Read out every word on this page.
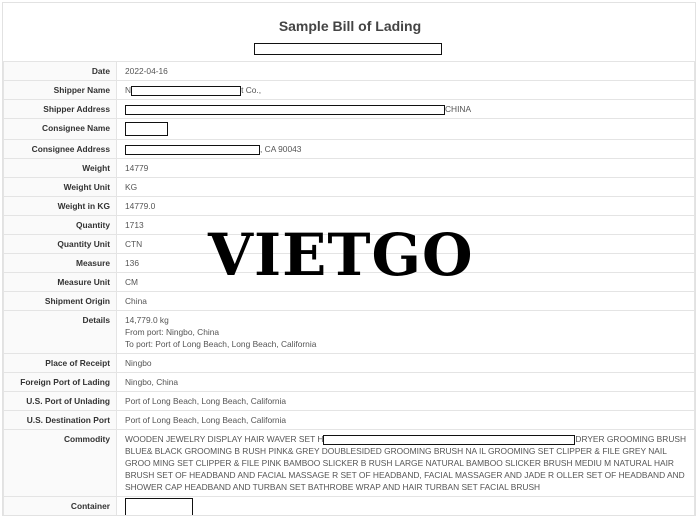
Sample Bill of Lading
Date	2022-04-16

Shipper Name	N t Co.,

Shipper Address	CHINA

Consignee Name	

Consignee Address	, CA 90043

Weight	14779

Weight Unit	KG

Weight in KG	14779.0

Quantity	1713

Quantity Unit	CTN

Measure	136

Measure Unit	CM

Shipment Origin	China

Details	14,779.0 kg
From port: Ningbo, China
To port: Port of Long Beach, Long Beach, California

Place of Receipt	Ningbo

Foreign Port of Lading	Ningbo, China

U.S. Port of Unlading	Port of Long Beach, Long Beach, California

U.S. Destination Port	Port of Long Beach, Long Beach, California

Commodity	WOODEN JEWELRY DISPLAY HAIR WAVER SET H DRYER GROOMING BRUSH BLUE& BLACK GROOMING B RUSH PINK& GREY DOUBLESIDED GROOMING BRUSH NA IL GROOMING SET CLIPPER & FILE GREY NAIL GROO MING SET CLIPPER & FILE PINK BAMBOO SLICKER B RUSH LARGE NATURAL BAMBOO SLICKER BRUSH MEDIU M NATURAL HAIR BRUSH SET OF HEADBAND AND FACIAL MASSAGE R SET OF HEADBAND, FACIAL MASSAGER AND JADE R OLLER SET OF HEADBAND AND SHOWER CAP HEADBAND AND TURBAN SET BATHROBE WRAP AND HAIR TURBAN SET FACIAL BRUSH

Container	

VIETGO
